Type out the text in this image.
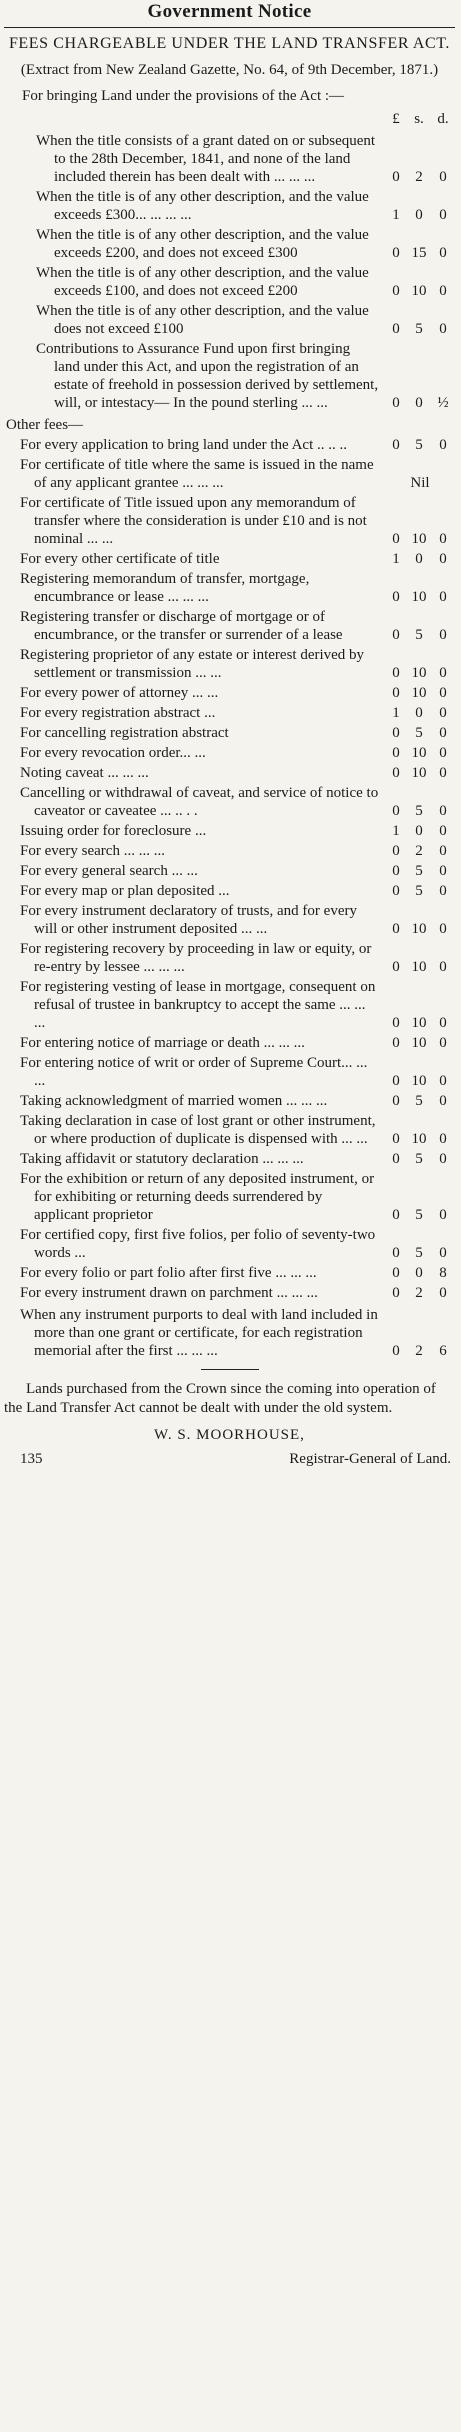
Government Notice
FEES CHARGEABLE UNDER THE LAND TRANSFER ACT.
(Extract from New Zealand Gazette, No. 64, of 9th December, 1871.)
For bringing Land under the provisions of the Act :—
£ s. d.
When the title consists of a grant dated on or subsequent to the 28th December, 1841, and none of the land included therein has been dealt with ... ... ...	0	2	0
When the title is of any other description, and the value exceeds £300... ... ... ...	1	0	0
When the title is of any other description, and the value exceeds £200, and does not exceed £300	0 15 0
When the title is of any other description, and the value exceeds £100, and does not exceed £200	0 10 0
When the title is of any other description, and the value does not exceed £100	0	5	0
Contributions to Assurance Fund upon first bringing land under this Act, and upon the registration of an estate of freehold in possession derived by settlement, will, or intestacy— In the pound sterling ... ...	0	0 ½
Other fees—
For every application to bring land under the Act .. .. ..	0	5	0
For certificate of title where the same is issued in the name of any applicant grantee ... ... ...	Nil
For certificate of Title issued upon any memorandum of transfer where the consideration is under £10 and is not nominal ... ...	0 10 0
For every other certificate of title	1	0	0
Registering memorandum of transfer, mortgage, encumbrance or lease ... ... ...	0 10 0
Registering transfer or discharge of mortgage or of encumbrance, or the transfer or surrender of a lease	0	5	0
Registering proprietor of any estate or interest derived by settlement or transmission ... ...	0 10 0
For every power of attorney ... ...	0 10 0
For every registration abstract ...	1	0	0
For cancelling registration abstract	0	5	0
For every revocation order... ...	0 10 0
Noting caveat ... ... ...	0 10 0
Cancelling or withdrawal of caveat, and service of notice to caveator or caveatee ... .. . .	0	5	0
Issuing order for foreclosure ...	1	0	0
For every search ... ... ...	0	2	0
For every general search ... ...	0	5	0
For every map or plan deposited ...	0	5	0
For every instrument declaratory of trusts, and for every will or other instrument deposited ... ...	0 10 0
For registering recovery by proceeding in law or equity, or re-entry by lessee ... ... ...	0 10 0
For registering vesting of lease in mortgage, consequent on refusal of trustee in bankruptcy to accept the same ... ... ...	0 10 0
For entering notice of marriage or death ... ... ...	0 10 0
For entering notice of writ or order of Supreme Court... ... ...	0 10 0
Taking acknowledgment of married women ... ... ...	0	5	0
Taking declaration in case of lost grant or other instrument, or where production of duplicate is dispensed with ... ...	0 10 0
Taking affidavit or statutory declaration ... ... ...	0	5	0
For the exhibition or return of any deposited instrument, or for exhibiting or returning deeds surrendered by applicant proprietor	0	5	0
For certified copy, first five folios, per folio of seventy-two words ...	0	5	0
For every folio or part folio after first five ... ... ...	0	0	8
For every instrument drawn on parchment ... ... ...	0	2	0
When any instrument purports to deal with land included in more than one grant or certificate, for each registration memorial after the first ... ... ...	0	2	6
Lands purchased from the Crown since the coming into operation of the Land Transfer Act cannot be dealt with under the old system.
W. S. MOORHOUSE,
135	Registrar-General of Land.
